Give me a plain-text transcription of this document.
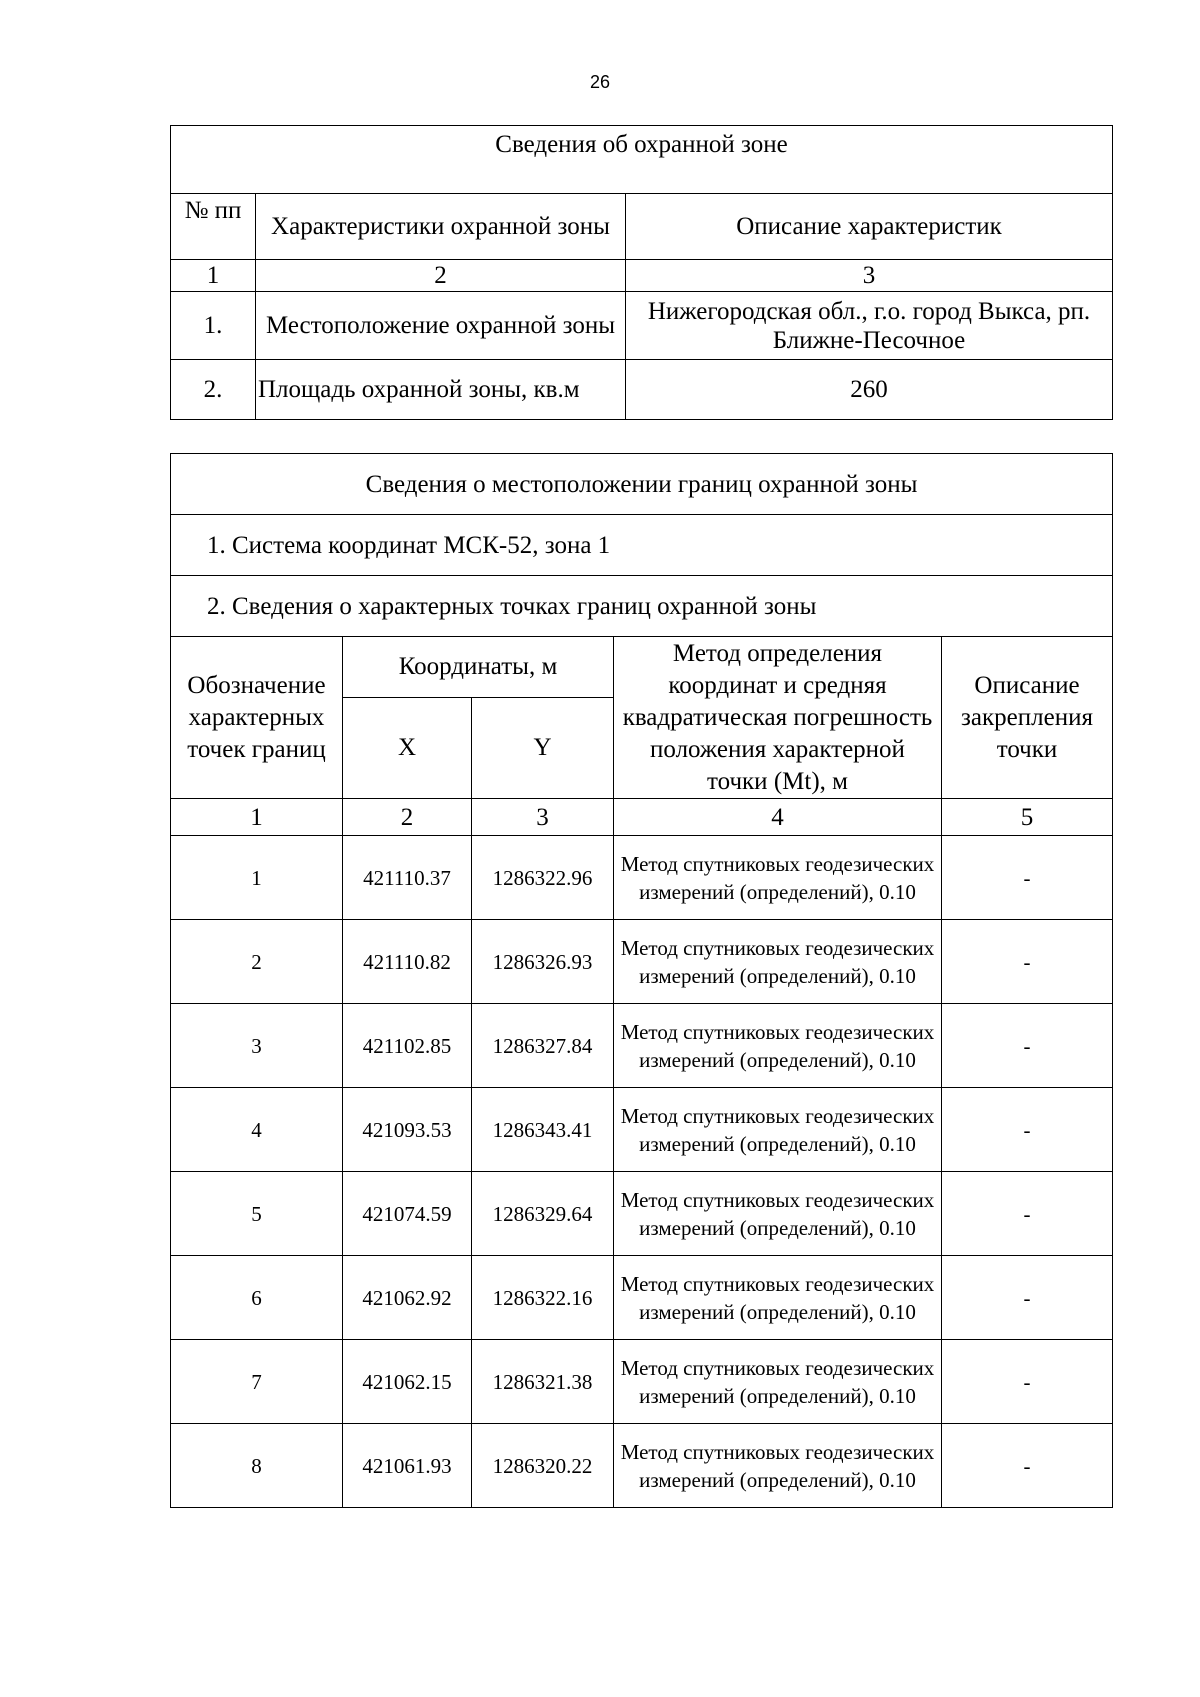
26
Сведения об охранной зоне		
№ пп	Характеристики охранной зоны	Описание характеристик
1	2	3
1.	Местоположение охранной зоны	Нижегородская обл., г.о. город Выкса, рп. Ближне-Песочное
2.	Площадь охранной зоны, кв.м	260
Сведения о местоположении границ охранной зоны				
1. Система координат МСК-52, зона 1				
2. Сведения о характерных точках границ охранной зоны				
Обозначение характерных точек границ	Координаты, м		Метод определения координат и средняя квадратическая погрешность положения характерной точки (Mt), м	Описание закрепления точки
	X	Y		
1	2	3	4	5
1	421110.37	1286322.96	Метод спутниковых геодезических измерений (определений), 0.10	-
2	421110.82	1286326.93	Метод спутниковых геодезических измерений (определений), 0.10	-
3	421102.85	1286327.84	Метод спутниковых геодезических измерений (определений), 0.10	-
4	421093.53	1286343.41	Метод спутниковых геодезических измерений (определений), 0.10	-
5	421074.59	1286329.64	Метод спутниковых геодезических измерений (определений), 0.10	-
6	421062.92	1286322.16	Метод спутниковых геодезических измерений (определений), 0.10	-
7	421062.15	1286321.38	Метод спутниковых геодезических измерений (определений), 0.10	-
8	421061.93	1286320.22	Метод спутниковых геодезических измерений (определений), 0.10	-
